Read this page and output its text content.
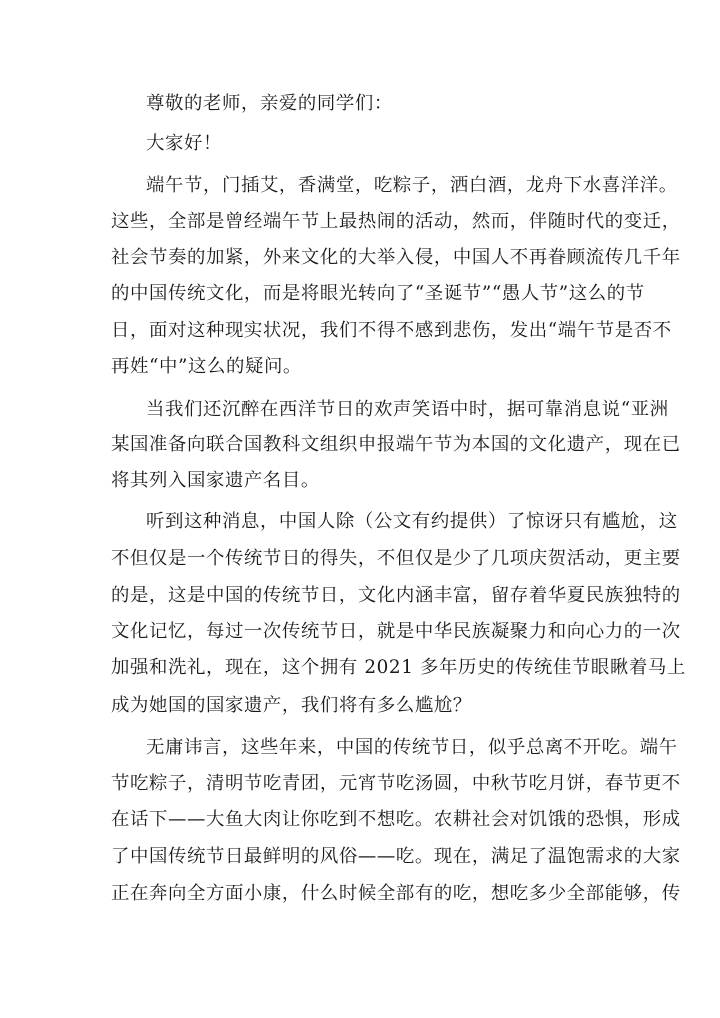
尊敬的老师，亲爱的同学们：
大家好！
端午节，门插艾，香满堂，吃粽子，洒白酒，龙舟下水喜洋洋。
这些，全部是曾经端午节上最热闹的活动，然而，伴随时代的变迁，
社会节奏的加紧，外来文化的大举入侵，中国人不再眷顾流传几千年
的中国传统文化，而是将眼光转向了“圣诞节”“愚人节”这么的节
日，面对这种现实状况，我们不得不感到悲伤，发出“端午节是否不
再姓“中”这么的疑问。
当我们还沉醉在西洋节日的欢声笑语中时，据可靠消息说“亚洲
某国准备向联合国教科文组织申报端午节为本国的文化遗产，现在已
将其列入国家遗产名目。
听到这种消息，中国人除（公文有约提供）了惊讶只有尴尬，这
不但仅是一个传统节日的得失，不但仅是少了几项庆贺活动，更主要
的是，这是中国的传统节日，文化内涵丰富，留存着华夏民族独特的
文化记忆，每过一次传统节日，就是中华民族凝聚力和向心力的一次
加强和洗礼，现在，这个拥有 2021 多年历史的传统佳节眼瞅着马上
成为她国的国家遗产，我们将有多么尴尬？
无庸讳言，这些年来，中国的传统节日，似乎总离不开吃。端午
节吃粽子，清明节吃青团，元宵节吃汤圆，中秋节吃月饼，春节更不
在话下——大鱼大肉让你吃到不想吃。农耕社会对饥饿的恐惧，形成
了中国传统节日最鲜明的风俗——吃。现在，满足了温饱需求的大家
正在奔向全方面小康，什么时候全部有的吃，想吃多少全部能够，传
